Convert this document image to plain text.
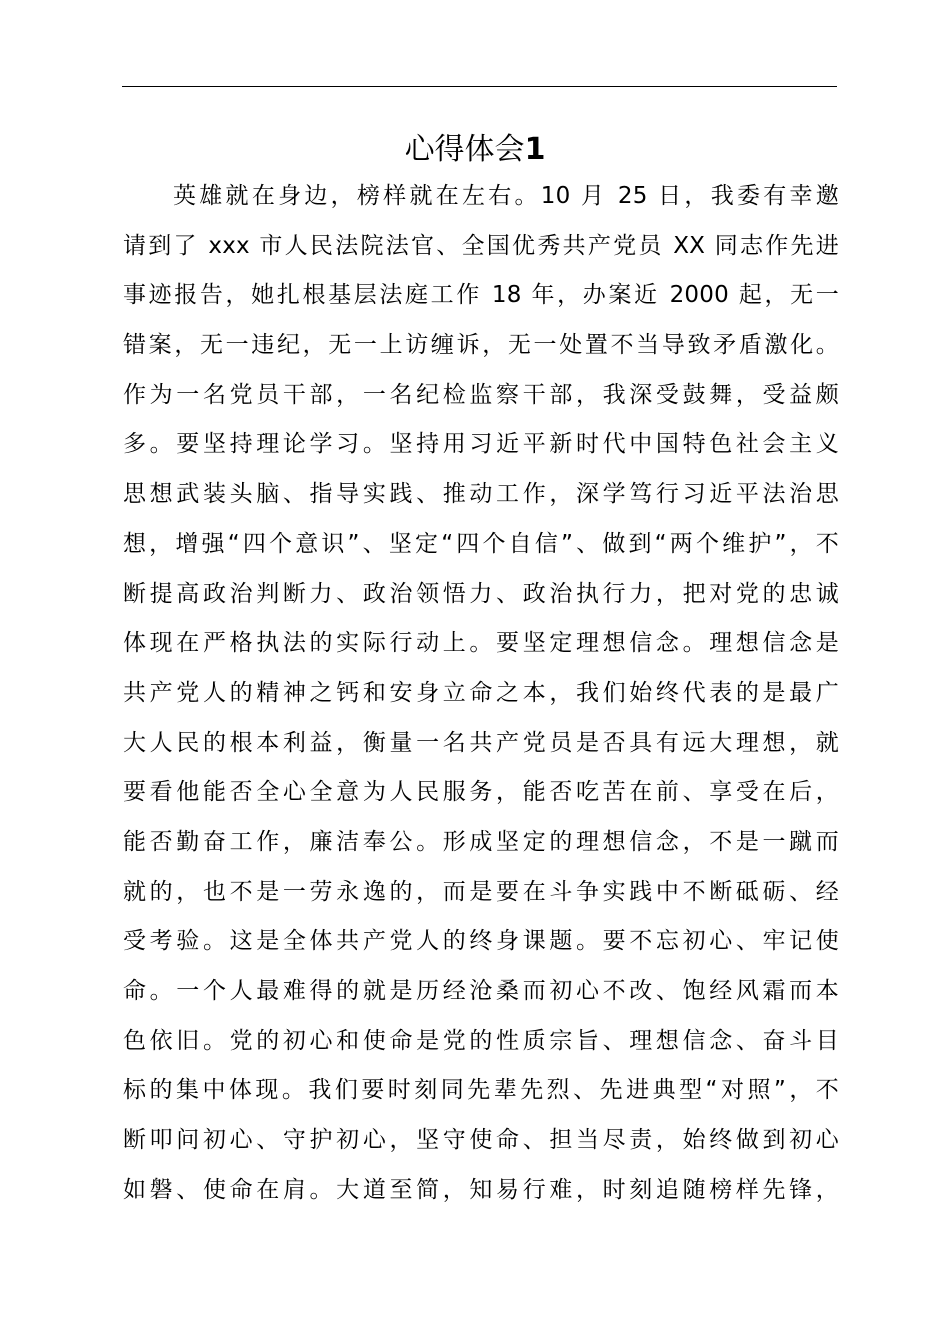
心得体会1
英雄就在身边，榜样就在左右。10 月 25 日，我委有幸邀
请到了 xxx 市人民法院法官、全国优秀共产党员 XX 同志作先进
事迹报告，她扎根基层法庭工作 18 年，办案近 2000 起，无一
错案，无一违纪，无一上访缠诉，无一处置不当导致矛盾激化。
作为一名党员干部，一名纪检监察干部，我深受鼓舞，受益颇
多。要坚持理论学习。坚持用习近平新时代中国特色社会主义
思想武装头脑、指导实践、推动工作，深学笃行习近平法治思
想，增强“四个意识”、坚定“四个自信”、做到“两个维护”，不
断提高政治判断力、政治领悟力、政治执行力，把对党的忠诚
体现在严格执法的实际行动上。要坚定理想信念。理想信念是
共产党人的精神之钙和安身立命之本，我们始终代表的是最广
大人民的根本利益，衡量一名共产党员是否具有远大理想，就
要看他能否全心全意为人民服务，能否吃苦在前、享受在后，
能否勤奋工作，廉洁奉公。形成坚定的理想信念，不是一蹴而
就的，也不是一劳永逸的，而是要在斗争实践中不断砥砺、经
受考验。这是全体共产党人的终身课题。要不忘初心、牢记使
命。一个人最难得的就是历经沧桑而初心不改、饱经风霜而本
色依旧。党的初心和使命是党的性质宗旨、理想信念、奋斗目
标的集中体现。我们要时刻同先辈先烈、先进典型“对照”，不
断叩问初心、守护初心，坚守使命、担当尽责，始终做到初心
如磐、使命在肩。大道至简，知易行难，时刻追随榜样先锋，
